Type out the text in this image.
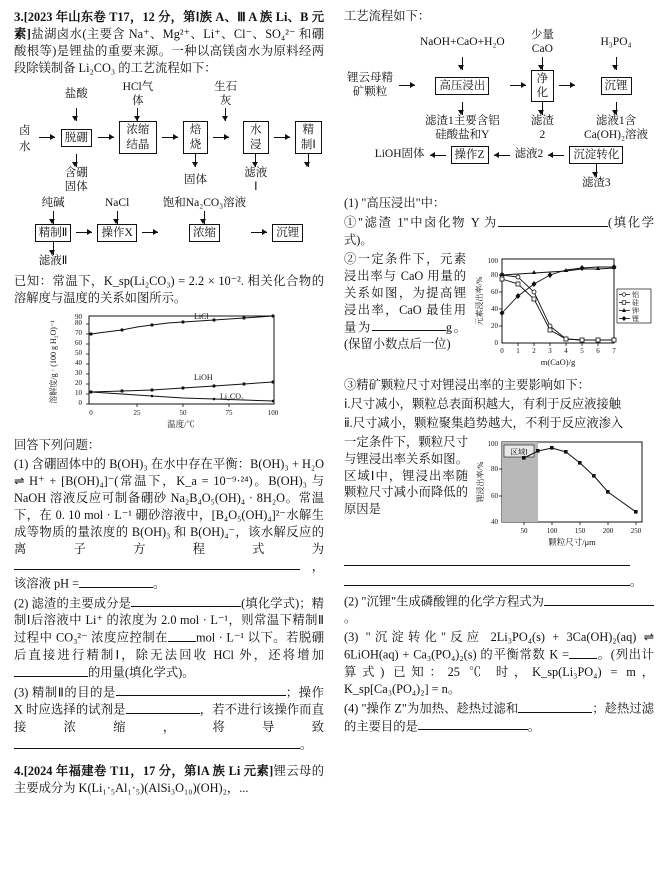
3.[2023 年山东卷 T17，12 分，第Ⅰ族 A、Ⅲ A 族 Li、B 元素]盐湖卤水(主要含 Na⁺、Mg²⁺、Li⁺、Cl⁻、SO₄²⁻ 和硼酸根等)是锂盐的重要来源。一种以高镁卤水为原料经两段除镁制备 Li₂CO₃ 的工艺流程如下：

		盐酸		HCl气体			生石灰			

卤水		脱硼		浓缩结晶		焙烧		水浸		精制Ⅰ

		含硼固体				固体		滤液Ⅰ		
纯碱		NaCl		饱和Na₂CO₃溶液		

精制Ⅱ		操作X		浓缩		沉锂

滤液Ⅱ						

已知：常温下，K_sp(Li₂CO₃) = 2.2 × 10⁻². 相关化合物的溶解度与温度的关系如图所示。

0
10
20
30
40
50
60
70
80
90
0	25	50	75	100
LiCl
LiOH
Li₂CO₃
溶解度/g · (100 g H₂O)⁻¹
温度/℃

回答下列问题：

(1) 含硼固体中的 B(OH)₃ 在水中存在平衡：B(OH)₃ + H₂O ⇌ H⁺ + [B(OH)₄]⁻(常温下，K_a = 10⁻⁹·²⁴)。B(OH)₃ 与 NaOH 溶液反应可制备硼砂 Na₂B₄O₅(OH)₄ · 8H₂O。常温下，在 0. 10 mol · L⁻¹ 硼砂溶液中，[B₄O₅(OH)₄]²⁻水解生成等物质的量浓度的 B(OH)₃ 和 B(OH)₄⁻，该水解反应的离子方程式为，该溶液 pH =	。

(2) 滤渣的主要成分是	(填化学式)；精制Ⅰ后溶液中 Li⁺ 的浓度为 2.0 mol · L⁻¹，则常温下精制Ⅱ过程中 CO₃²⁻ 浓度应控制在 mol · L⁻¹ 以下。若脱硼后直接进行精制Ⅰ，除无法回收 HCl 外，还将增加的用量(填化学式)。

(3) 精制Ⅱ的目的是	；操作 X 时应选择的试剂是	，若不进行该操作而直接浓缩，将导致。

4.[2024 年福建卷 T11，17 分，第ⅠA 族 Li 元素]锂云母的主要成分为 K(Li₁·₅Al₁·₅)(AlSi₃O₁₀)(OH)₂，...

工艺流程如下：

		NaOH+CaO+H₂O		少量CaO		H₃PO₄

锂云母精矿颗粒		高压浸出		净化		沉锂

		滤渣1主要含铝硅酸盐和Y		滤渣2		滤液1含Ca(OH)₂溶液
LiOH固体		操作Z		滤液2		沉淀转化

						滤渣3

(1) "高压浸出"中：

①"滤渣 1"中卤化物 Y 为	(填化学式)。

0
20
40
60
80
100
0 1 2 3 4 5 6 7
铝
硅
钾
锂
元素浸出率/%
m(CaO)/g

②一定条件下，元素浸出率与 CaO 用量的关系如图，为提高锂浸出率，CaO 最佳用量为	g。(保留小数点后一位)

③精矿颗粒尺寸对锂浸出率的主要影响如下：

ⅰ.尺寸减小，颗粒总表面积越大，有利于反应液接触

ⅱ.尺寸减小，颗粒聚集趋势越大，不利于反应液渗入

区域Ⅰ
40
60
80
100
50	100	150	200	250
锂浸出率/%
颗粒尺寸/μm

一定条件下，颗粒尺寸与锂浸出率关系如图。区域Ⅰ中，锂浸出率随颗粒尺寸减小而降低的原因是

。

(2) "沉锂"生成磷酸锂的化学方程式为。

(3) "沉淀转化"反应 2Li₃PO₄(s) + 3Ca(OH)₂(aq) ⇌ 6LiOH(aq) + Ca₃(PO₄)₂(s) 的平衡常数 K = 。(列出计算式) 已知：25 ℃ 时，K_sp(Li₃PO₄) = m，K_sp[Ca₃(PO₄)₂] = n。

(4) "操作 Z"为加热、趁热过滤和	；趁热过滤的主要目的是	。
